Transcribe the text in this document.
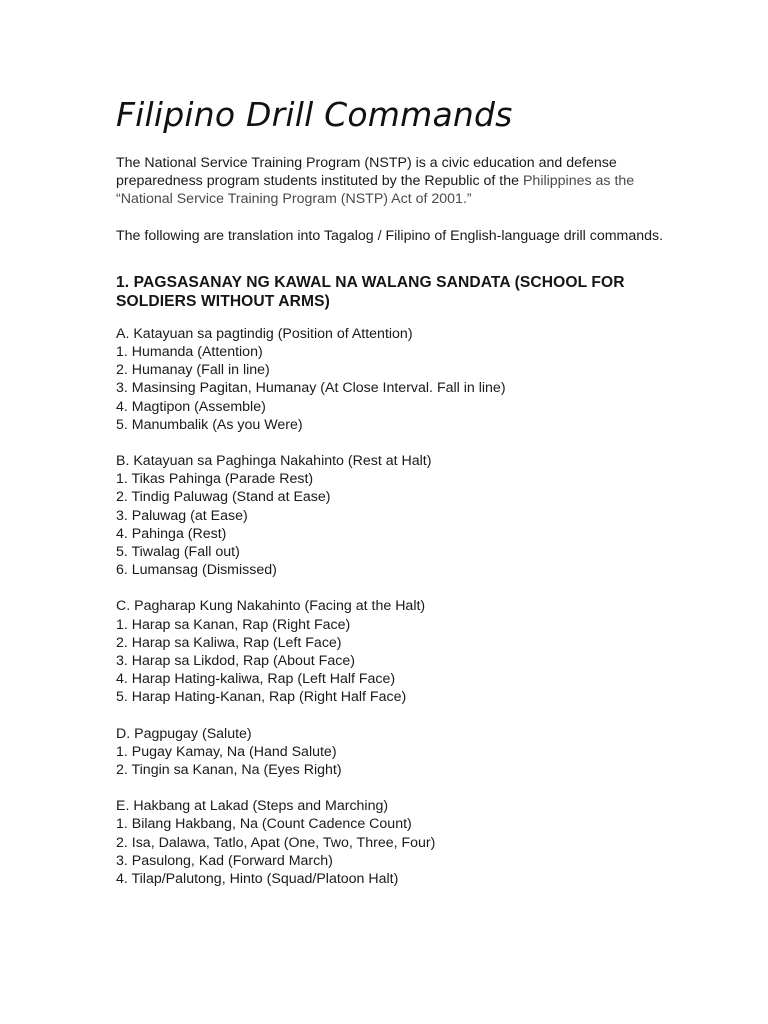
Filipino Drill Commands

The National Service Training Program (NSTP) is a civic education and defense preparedness program students instituted by the Republic of the Philippines as the “National Service Training Program (NSTP) Act of 2001.”

The following are translation into Tagalog / Filipino of English-language drill commands.

1. PAGSASANAY NG KAWAL NA WALANG SANDATA (SCHOOL FOR SOLDIERS WITHOUT ARMS)

A. Katayuan sa pagtindig (Position of Attention)

1. Humanda (Attention)

2. Humanay (Fall in line)

3. Masinsing Pagitan, Humanay (At Close Interval. Fall in line)

4. Magtipon (Assemble)

5. Manumbalik (As you Were)

B. Katayuan sa Paghinga Nakahinto (Rest at Halt)

1. Tikas Pahinga (Parade Rest)

2. Tindig Paluwag (Stand at Ease)

3. Paluwag (at Ease)

4. Pahinga (Rest)

5. Tiwalag (Fall out)

6. Lumansag (Dismissed)

C. Pagharap Kung Nakahinto (Facing at the Halt)

1. Harap sa Kanan, Rap (Right Face)

2. Harap sa Kaliwa, Rap (Left Face)

3. Harap sa Likdod, Rap (About Face)

4. Harap Hating-kaliwa, Rap (Left Half Face)

5. Harap Hating-Kanan, Rap (Right Half Face)

D. Pagpugay (Salute)

1. Pugay Kamay, Na (Hand Salute)

2. Tingin sa Kanan, Na (Eyes Right)

E. Hakbang at Lakad (Steps and Marching)

1. Bilang Hakbang, Na (Count Cadence Count)

2. Isa, Dalawa, Tatlo, Apat (One, Two, Three, Four)

3. Pasulong, Kad (Forward March)

4. Tilap/Palutong, Hinto (Squad/Platoon Halt)
